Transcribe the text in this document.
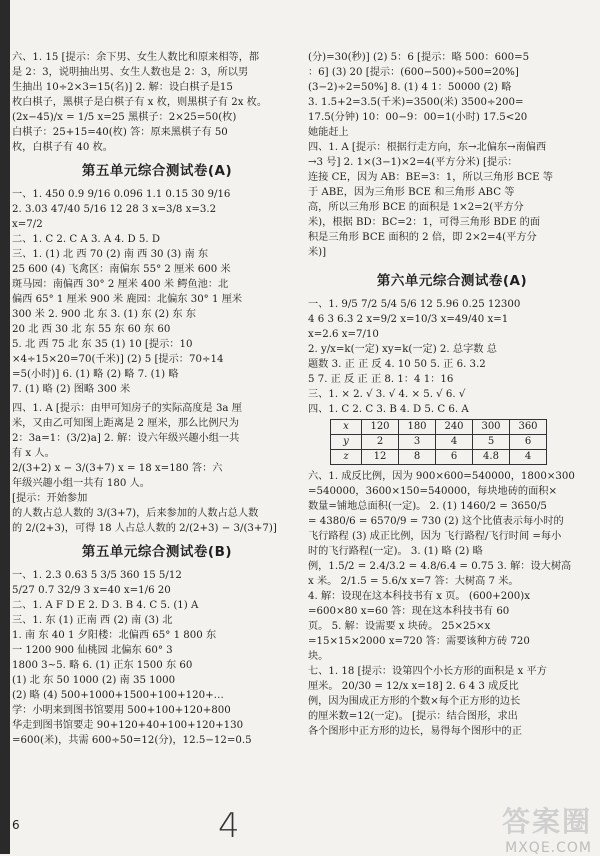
六、1. 15 [提示：余下男、女生人数比和原来相等，都
是 2：3，说明抽出男、女生人数也是 2：3，所以男
生抽出 10÷2×3=15(名)] 2. 解：设白棋子是15
枚白棋子，黑棋子是白棋子有 x 枚，则黑棋子有 2x 枚。
(2x−45)/x = 1/5 x=25 黑棋子：2×25=50(枚)
白棋子：25+15=40(枚) 答：原来黑棋子有 50
枚，白棋子有 40 枚。
第五单元综合测试卷(A)
一、1. 450 0.9 9/16 0.096 1.1 0.15 30 9/16
2. 3.03 47/40 5/16 12 28 3 x=3/8 x=3.2
x=7/2
二、1. C 2. C A 3. A 4. D 5. D
三、1. (1) 北 西 70 (2) 南 西 30 (3) 南 东
25 600 (4) 飞禽区：南偏东 55° 2 厘米 600 米
斑马园：南偏西 30° 2 厘米 400 米 鳄鱼池：北
偏西 65° 1 厘米 900 米 鹿园：北偏东 30° 1 厘米
300 米 2. 900 北 东 3. (1) 东 (2) 东 东
20 北 西 30 北 东 55 东 60 东 60
5. 北 西 75 北 东 35 (1) 10 [提示：10
×4÷15×20=70(千米)] (2) 5 [提示：70÷14
=5(小时)] 6. (1) 略 (2) 略 7. (1) 略
7. (1) 略 (2) 图略 300 米
四、1. A [提示：由甲可知房子的实际高度是 3a 厘
米，又由乙可知图上距离是 2 厘米，那么比例尺为
2：3a=1：(3/2)a] 2. 解：设六年级兴趣小组一共
有 x 人。
2/(3+2) x − 3/(3+7) x = 18 x=180 答：六
年级兴趣小组一共有 180 人。
[提示：开始参加
的人数占总人数的 3/(3+7)，后来参加的人数占总人数
的 2/(2+3)，可得 18 人占总人数的 2/(2+3) − 3/(3+7)]
第五单元综合测试卷(B)
一、1. 2.3 0.63 5 3/5 360 15 5/12
5/27 0.7 32/9 3 x=40 x=1/6 20
二、1. A F D E 2. D 3. B 4. C 5. (1) A
三、1. 东 (1) 正南 西 (2) 南 (3) 北
1. 南 东 40 1 夕阳楼：北偏西 65° 1 800 东
一 1200 900 仙桃园 北偏东 60° 3
1800 3~5. 略 6. (1) 正东 1500 东 60
(1) 北 东 50 1000 (2) 南 35 1000
(2) 略 (4) 500+1000+1500+100+120+…
学：小明来到图书馆要用 500+100+120+800
华走到图书馆要走 90+120+40+100+120+130
=600(米)，共需 600÷50=12(分)，12.5−12=0.5
(分)=30(秒)] (2) 5：6 [提示：略 500：600=5
：6] (3) 20 [提示：(600−500)÷500=20%]
(3−2)÷2=50%] 8. (1) 4 1：50000 (2) 略
3. 1.5+2=3.5(千米)=3500(米) 3500÷200=
17.5(分钟) 10：00−9：00=1(小时) 17.5<20
她能赶上
四、1. A [提示：根据行走方向，东→北偏东→南偏西
→3 号] 2. 1×(3−1)×2=4(平方分米) [提示：
连接 CE，因为 AB：BE=3：1，所以三角形 BCE 等
于 ABE，因为三角形 BCE 和三角形 ABC 等
高，所以三角形 BCE 的面积是 1×2=2(平方分
米)，根据 BD：BC=2：1，可得三角形 BDE 的面
积是三角形 BCE 面积的 2 倍，即 2×2=4(平方分
米)]
第六单元综合测试卷(A)
一、1. 9/5 7/2 5/4 5/6 12 5.96 0.25 12300
4 6 3 6.3 2 x=9/2 x=10/3 x=49/40 x=1
x=2.6 x=7/10
2. y/x=k(一定) xy=k(一定) 2. 总字数 总
题数 3. 正 正 反 4. 10 50 5. 正 6. 3.2
5 7. 正 反 正 正 8. 1：4 1：16
三、1. × 2. √ 3. √ 4. × 5. √ 6. √
四、1. C 2. C 3. B 4. D 5. C 6. A
x	120	180	240	300	360
y	2	3	4	5	6
z	12	8	6	4.8	4
六、1. 成反比例，因为 900×600=540000，1800×300
=540000，3600×150=540000，每块地砖的面积×
数量=铺地总面积(一定)。 2. (1) 1460/2 = 3650/5
= 4380/6 = 6570/9 = 730 (2) 这个比值表示每小时的
飞行路程 (3) 成正比例，因为 飞行路程/飞行时间 =每小
时的飞行路程(一定)。 3. (1) 略 (2) 略
例，1.5/2 = 2.4/3.2 = 4.8/6.4 = 0.75 3. 解：设大树高
x 米。 2/1.5 = 5.6/x x=7 答：大树高 7 米。
4. 解：设现在这本科技书有 x 页。 (600+200)x
=600×80 x=60 答：现在这本科技书有 60
页。 5. 解：设需要 x 块砖。 25×25×x
=15×15×2000 x=720 答：需要该种方砖 720
块。
七、1. 18 [提示：设第四个小长方形的面积是 x 平方
厘米。 20/30 = 12/x x=18] 2. 6 4 3 成反比
例，因为围成正方形的个数×每个正方形的边长
的厘米数=12(一定)。 [提示：结合图形，求出
各个图形中正方形的边长，易得每个图形中的正
6	4	答案圈
MXQE.COM
